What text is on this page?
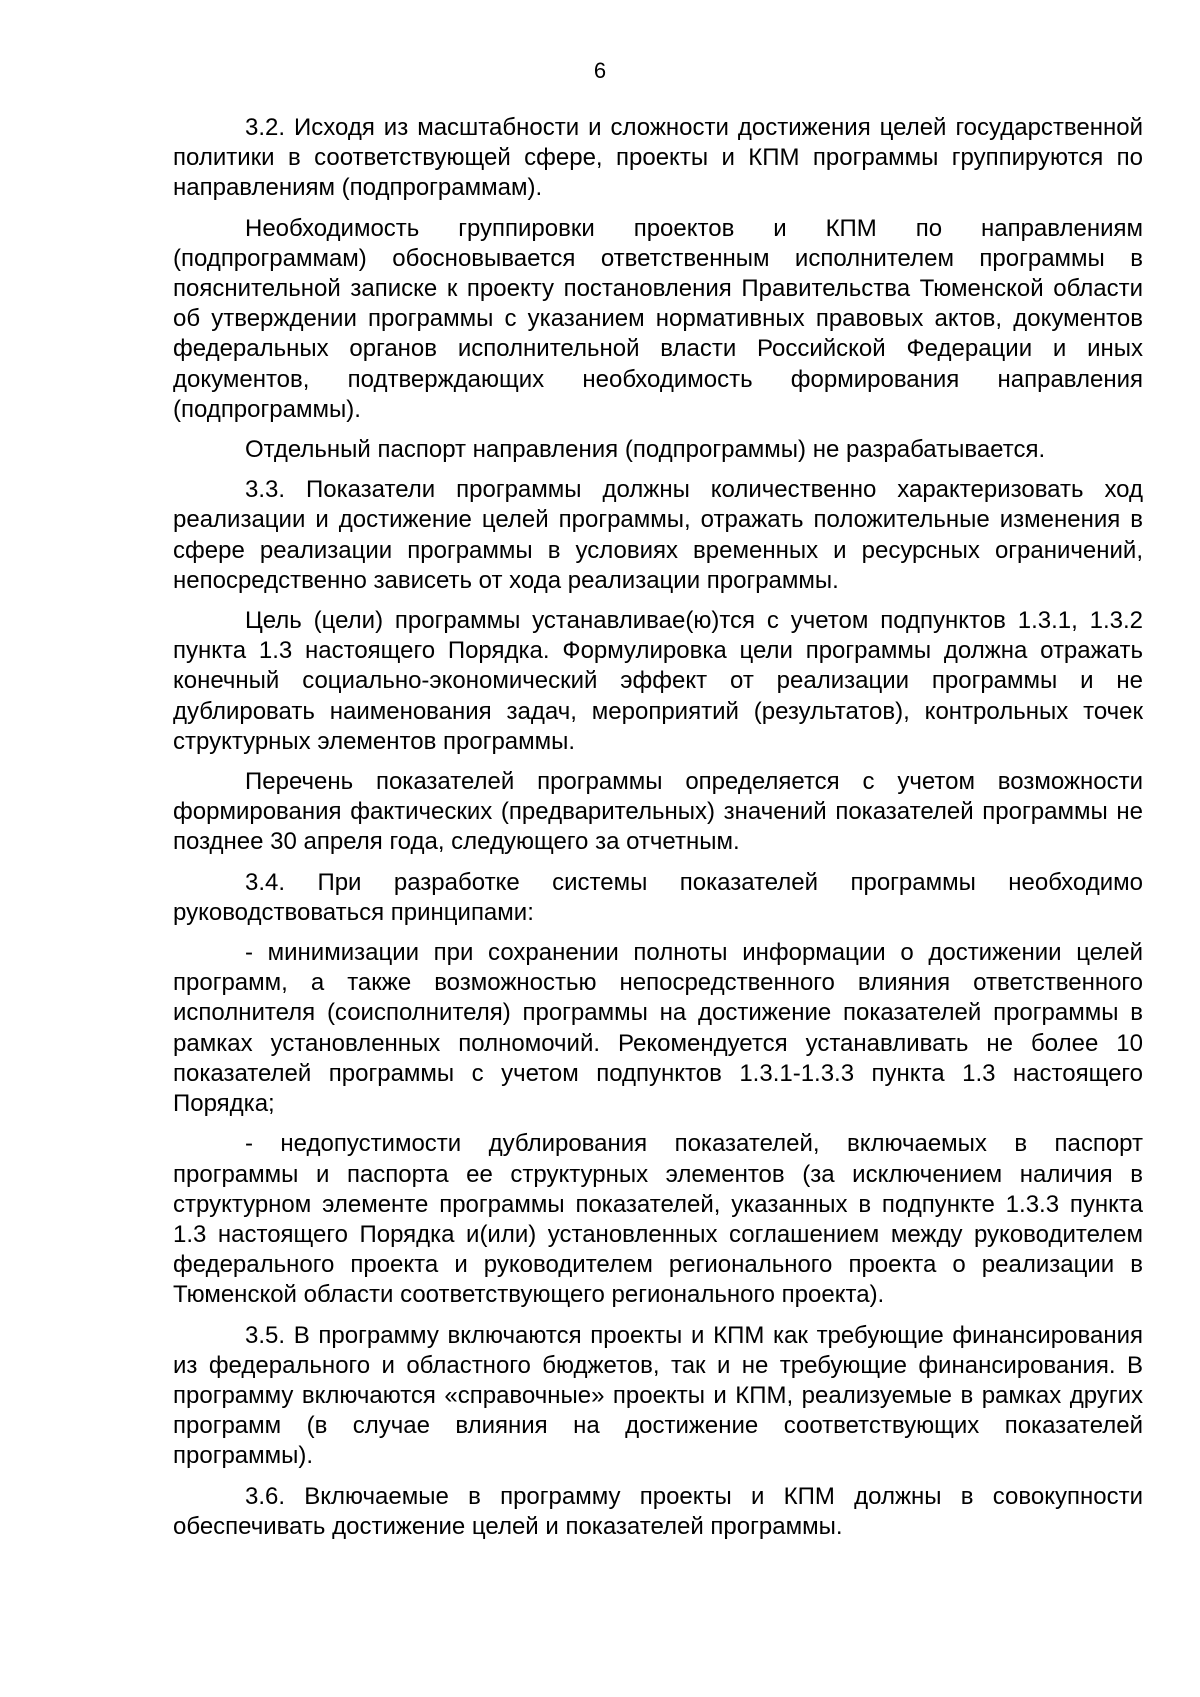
6

3.2. Исходя из масштабности и сложности достижения целей государственной политики в соответствующей сфере, проекты и КПМ программы группируются по направлениям (подпрограммам).

Необходимость группировки проектов и КПМ по направлениям (подпрограммам) обосновывается ответственным исполнителем программы в пояснительной записке к проекту постановления Правительства Тюменской области об утверждении программы с указанием нормативных правовых актов, документов федеральных органов исполнительной власти Российской Федерации и иных документов, подтверждающих необходимость формирования направления (подпрограммы).

Отдельный паспорт направления (подпрограммы) не разрабатывается.

3.3. Показатели программы должны количественно характеризовать ход реализации и достижение целей программы, отражать положительные изменения в сфере реализации программы в условиях временных и ресурсных ограничений, непосредственно зависеть от хода реализации программы.

Цель (цели) программы устанавливае(ю)тся с учетом подпунктов 1.3.1, 1.3.2 пункта 1.3 настоящего Порядка. Формулировка цели программы должна отражать конечный социально-экономический эффект от реализации программы и не дублировать наименования задач, мероприятий (результатов), контрольных точек структурных элементов программы.

Перечень показателей программы определяется с учетом возможности формирования фактических (предварительных) значений показателей программы не позднее 30 апреля года, следующего за отчетным.

3.4. При разработке системы показателей программы необходимо руководствоваться принципами:

- минимизации при сохранении полноты информации о достижении целей программ, а также возможностью непосредственного влияния ответственного исполнителя (соисполнителя) программы на достижение показателей программы в рамках установленных полномочий. Рекомендуется устанавливать не более 10 показателей программы с учетом подпунктов 1.3.1-1.3.3 пункта 1.3 настоящего Порядка;

- недопустимости дублирования показателей, включаемых в паспорт программы и паспорта ее структурных элементов (за исключением наличия в структурном элементе программы показателей, указанных в подпункте 1.3.3 пункта 1.3 настоящего Порядка и(или) установленных соглашением между руководителем федерального проекта и руководителем регионального проекта о реализации в Тюменской области соответствующего регионального проекта).

3.5. В программу включаются проекты и КПМ как требующие финансирования из федерального и областного бюджетов, так и не требующие финансирования. В программу включаются «справочные» проекты и КПМ, реализуемые в рамках других программ (в случае влияния на достижение соответствующих показателей программы).

3.6. Включаемые в программу проекты и КПМ должны в совокупности обеспечивать достижение целей и показателей программы.
